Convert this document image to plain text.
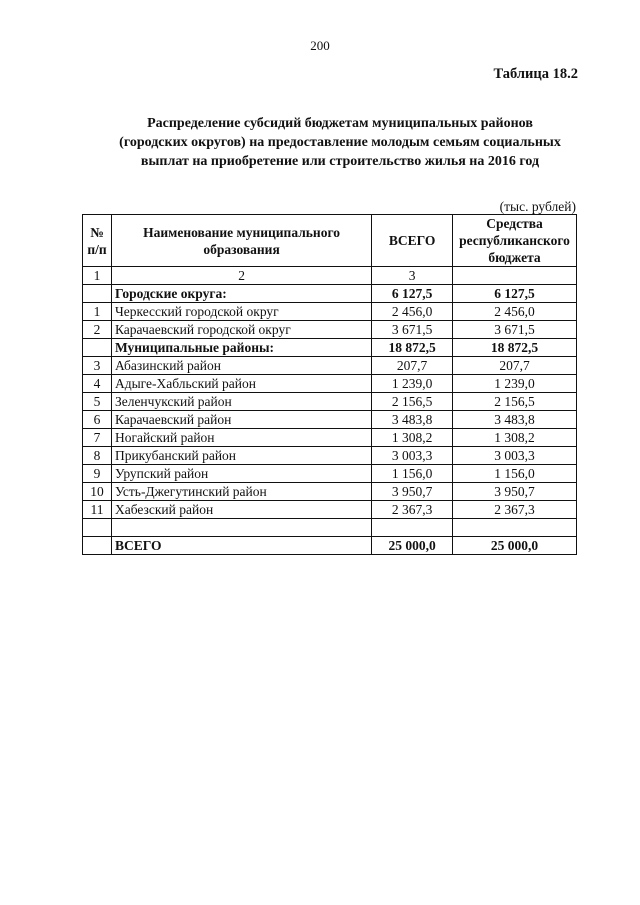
200
Таблица 18.2
Распределение субсидий бюджетам муниципальных районов
(городских округов) на предоставление молодым семьям социальных
выплат на приобретение или строительство жилья на 2016 год
(тыс. рублей)
№ п/п	Наименование муниципального образования	ВСЕГО	Средства республиканского бюджета
1	2	3	
	Городские округа:	6 127,5	6 127,5
1	Черкесский городской округ	2 456,0	2 456,0
2	Карачаевский городской округ	3 671,5	3 671,5
	Муниципальные районы:	18 872,5	18 872,5
3	Абазинский район	207,7	207,7
4	Адыге-Хабльский район	1 239,0	1 239,0
5	Зеленчукский район	2 156,5	2 156,5
6	Карачаевский район	3 483,8	3 483,8
7	Ногайский район	1 308,2	1 308,2
8	Прикубанский район	3 003,3	3 003,3
9	Урупский район	1 156,0	1 156,0
10	Усть-Джегутинский район	3 950,7	3 950,7
11	Хабезский район	2 367,3	2 367,3

	ВСЕГО	25 000,0	25 000,0
